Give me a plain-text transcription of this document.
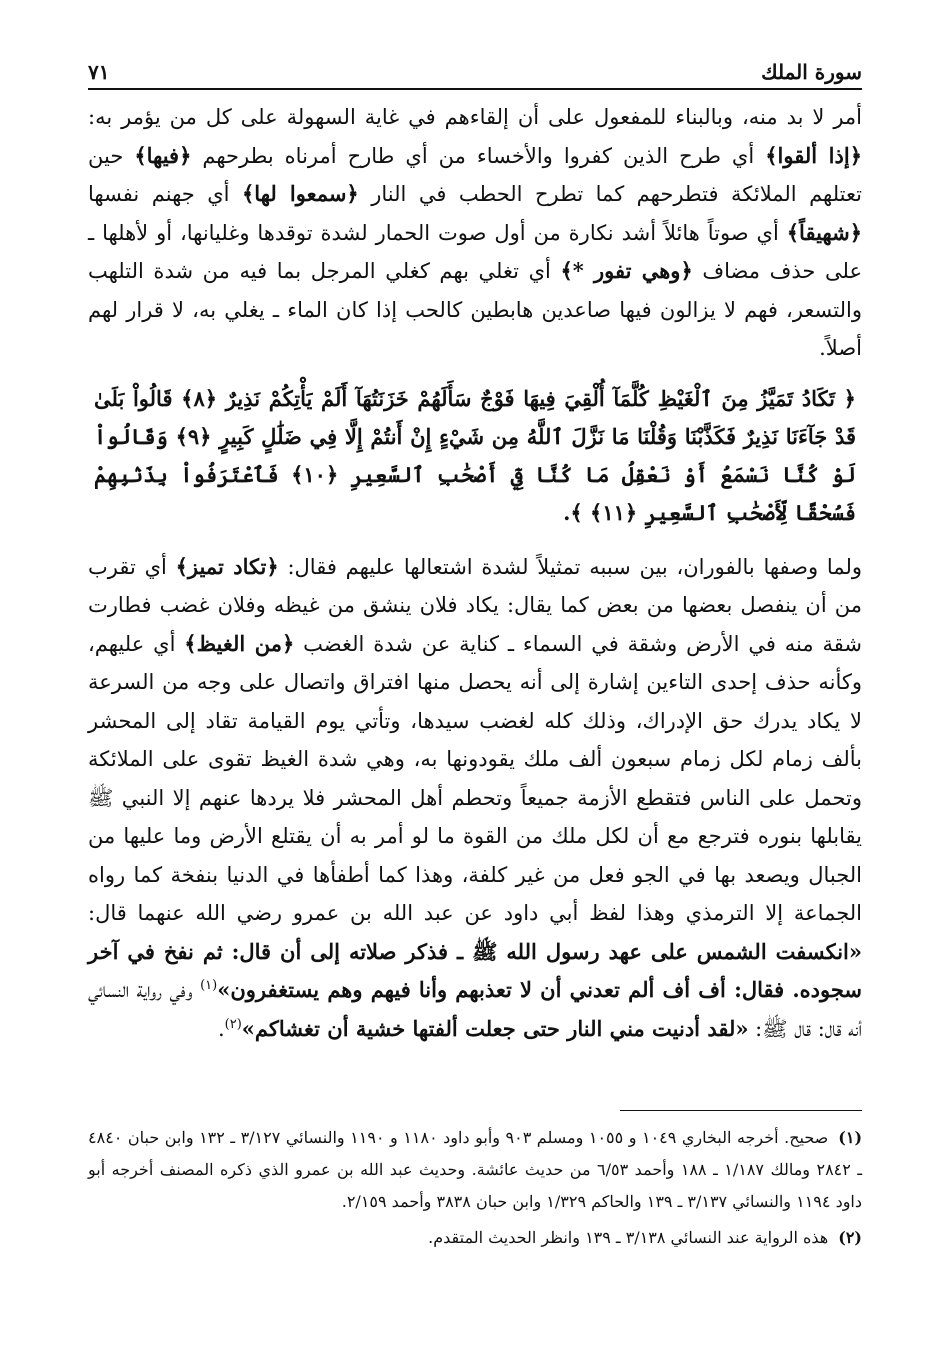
سورة الملك
٧١

أمر لا بد منه، وبالبناء للمفعول على أن إلقاءهم في غاية السهولة على كل من يؤمر به: ﴿إذا ألقوا﴾ أي طرح الذين كفروا والأخساء من أي طارح أمرناه بطرحهم ﴿فيها﴾ حين تعتلهم الملائكة فتطرحهم كما تطرح الحطب في النار ﴿سمعوا لها﴾ أي جهنم نفسها ﴿شهيقاً﴾ أي صوتاً هائلاً أشد نكارة من أول صوت الحمار لشدة توقدها وغليانها، أو لأهلها ـ على حذف مضاف ﴿وهي تفور *﴾ أي تغلي بهم كغلي المرجل بما فيه من شدة التلهب والتسعر، فهم لا يزالون فيها صاعدين هابطين كالحب إذا كان الماء ـ يغلي به، لا قرار لهم أصلاً.

﴿ تَكَادُ تَمَيَّزُ مِنَ ٱلْغَيْظِ كُلَّمَآ أُلْقِيَ فِيهَا فَوْجٌ سَأَلَهُمْ خَزَنَتُهَآ أَلَمْ يَأْتِكُمْ نَذِيرٌ ﴿٨﴾ قَالُواْ بَلَىٰ قَدْ جَآءَنَا نَذِيرٌ فَكَذَّبْنَا وَقُلْنَا مَا نَزَّلَ ٱللَّهُ مِن شَيْءٍ إِنْ أَنتُمْ إِلَّا فِي ضَلَٰلٍ كَبِيرٍ ﴿٩﴾ وَقَالُواْ لَوْ كُنَّا نَسْمَعُ أَوْ نَعْقِلُ مَا كُنَّا فِيٓ أَصْحَٰبِ ٱلسَّعِيرِ ﴿١٠﴾ فَٱعْتَرَفُواْ بِذَنۢبِهِمْ فَسُحْقًا لِّأَصْحَٰبِ ٱلسَّعِيرِ ﴿١١﴾ ﴾.

ولما وصفها بالفوران، بين سببه تمثيلاً لشدة اشتعالها عليهم فقال: ﴿تكاد تميز﴾ أي تقرب من أن ينفصل بعضها من بعض كما يقال: يكاد فلان ينشق من غيظه وفلان غضب فطارت شقة منه في الأرض وشقة في السماء ـ كناية عن شدة الغضب ﴿من الغيظ﴾ أي عليهم، وكأنه حذف إحدى التاءين إشارة إلى أنه يحصل منها افتراق واتصال على وجه من السرعة لا يكاد يدرك حق الإدراك، وذلك كله لغضب سيدها، وتأتي يوم القيامة تقاد إلى المحشر بألف زمام لكل زمام سبعون ألف ملك يقودونها به، وهي شدة الغيظ تقوى على الملائكة وتحمل على الناس فتقطع الأزمة جميعاً وتحطم أهل المحشر فلا يردها عنهم إلا النبي ﷺ يقابلها بنوره فترجع مع أن لكل ملك من القوة ما لو أمر به أن يقتلع الأرض وما عليها من الجبال ويصعد بها في الجو فعل من غير كلفة، وهذا كما أطفأها في الدنيا بنفخة كما رواه الجماعة إلا الترمذي وهذا لفظ أبي داود عن عبد الله بن عمرو رضي الله عنهما قال: «انكسفت الشمس على عهد رسول الله ﷺ ـ فذكر صلاته إلى أن قال: ثم نفخ في آخر سجوده. فقال: أف أف ألم تعدني أن لا تعذبهم وأنا فيهم وهم يستغفرون»$^{(١)}$ وفي رواية النسائي أنه قال: قال ﷺ: «لقد أدنيت مني النار حتى جعلت ألفتها خشية أن تغشاكم»$^{(٢)}$.

(١)صحيح. أخرجه البخاري ١٠٤٩ و ١٠٥٥ ومسلم ٩٠٣ وأبو داود ١١٨٠ و ١١٩٠ والنسائي ٣/١٢٧ ـ ١٣٢ وابن حبان ٤٨٤٠ ـ ٢٨٤٢ ومالك ١/١٨٧ ـ ١٨٨ وأحمد ٦/٥٣ من حديث عائشة. وحديث عبد الله بن عمرو الذي ذكره المصنف أخرجه أبو داود ١١٩٤ والنسائي ٣/١٣٧ ـ ١٣٩ والحاكم ١/٣٢٩ وابن حبان ٣٨٣٨ وأحمد ٢/١٥٩.

(٢)هذه الرواية عند النسائي ٣/١٣٨ ـ ١٣٩ وانظر الحديث المتقدم.
